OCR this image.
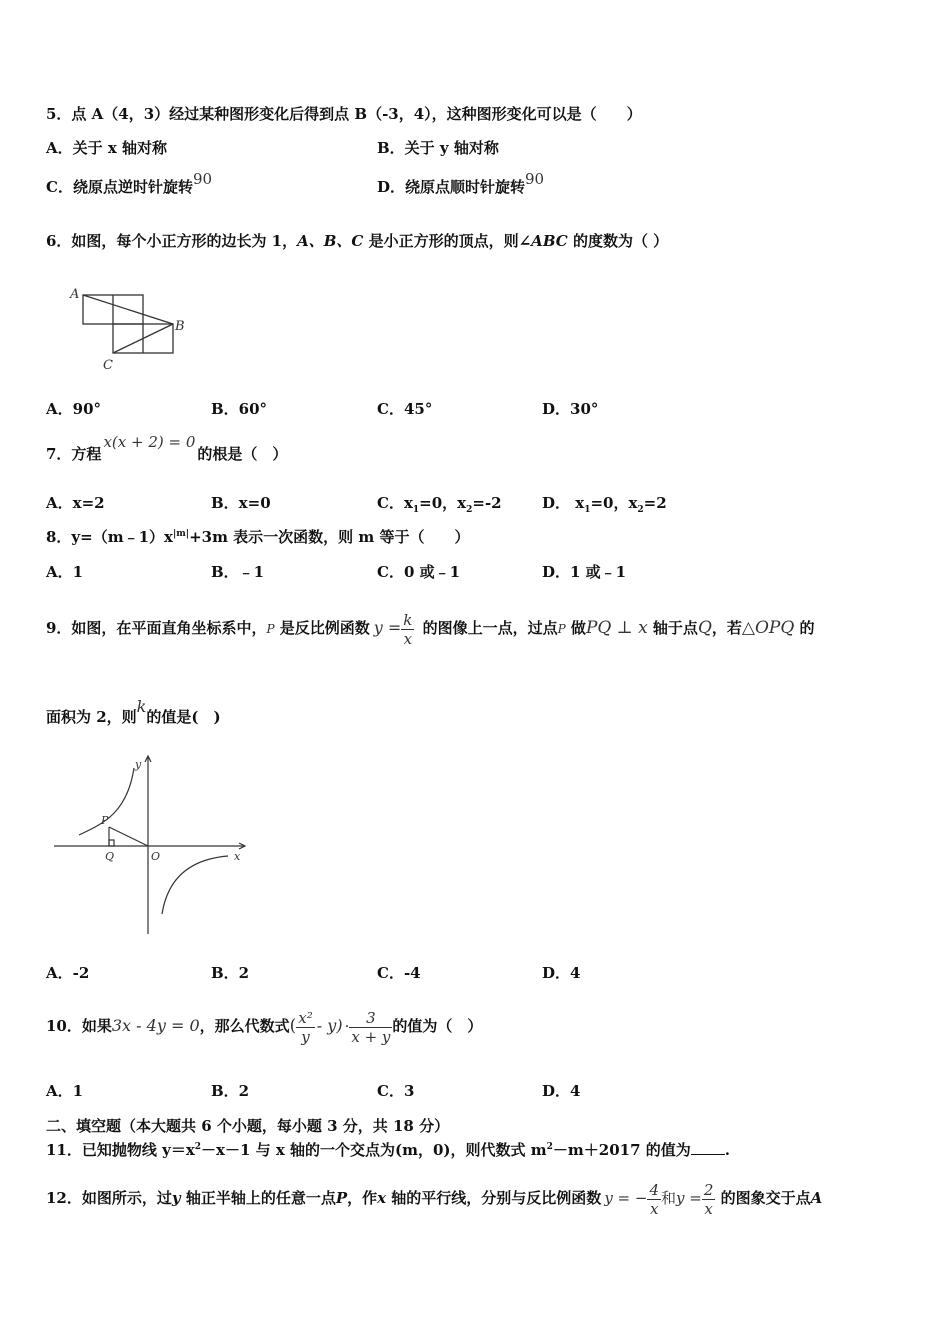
5．点 A（4，3）经过某种图形变化后得到点 B（-3，4），这种图形变化可以是（　　）
A．关于 x 轴对称	B．关于 y 轴对称
C．绕原点逆时针旋转90	D．绕原点顺时针旋转90
6．如图，每个小正方形的边长为 1，A、B、C 是小正方形的顶点，则∠ABC 的度数为（ ）
A
B
C
A．90°	B．60°	C．45°	D．30°
7．方程x(x + 2) = 0的根是（　）
A．x=2	B．x=0	C．$x_1=0$，$x_2=-2$	D． $x_1=0$，$x_2=2$
8．$y=(m﹣1)x^{|m|}+3m$ 表示一次函数，则 m 等于（　　）
A．1	B．﹣1	C．0 或﹣1	D．1 或﹣1
9．如图，在平面直角坐标系中，P 是反比例函数 $y = \frac{k}{x}$ 的图像上一点，过点P 做PQ ⊥ x 轴于点Q，若△OPQ 的
面积为 2，则k的值是(　)
y
x
P
Q	O
A．-2	B．2	C．-4	D．4
10．如果3x - 4y = 0，那么代数式( $\frac{\text{x²}}{y} - y) \cdot \frac{3}{x + y}$ 的值为（　）
A．1	B．2	C．3	D．4
二、填空题（本大题共 6 个小题，每小题 3 分，共 18 分）
11．已知抛物线 $y=x^2-x-1$ 与 x 轴的一个交点为(m，0)，则代数式 $m^2-m+2017$ 的值为 .
12．如图所示，过y 轴正半轴上的任意一点P，作x 轴的平行线，分别与反比例函数 y = − $\frac{4}{x}$ 和$y = \frac{2}{x}$ 的图象交于点A
